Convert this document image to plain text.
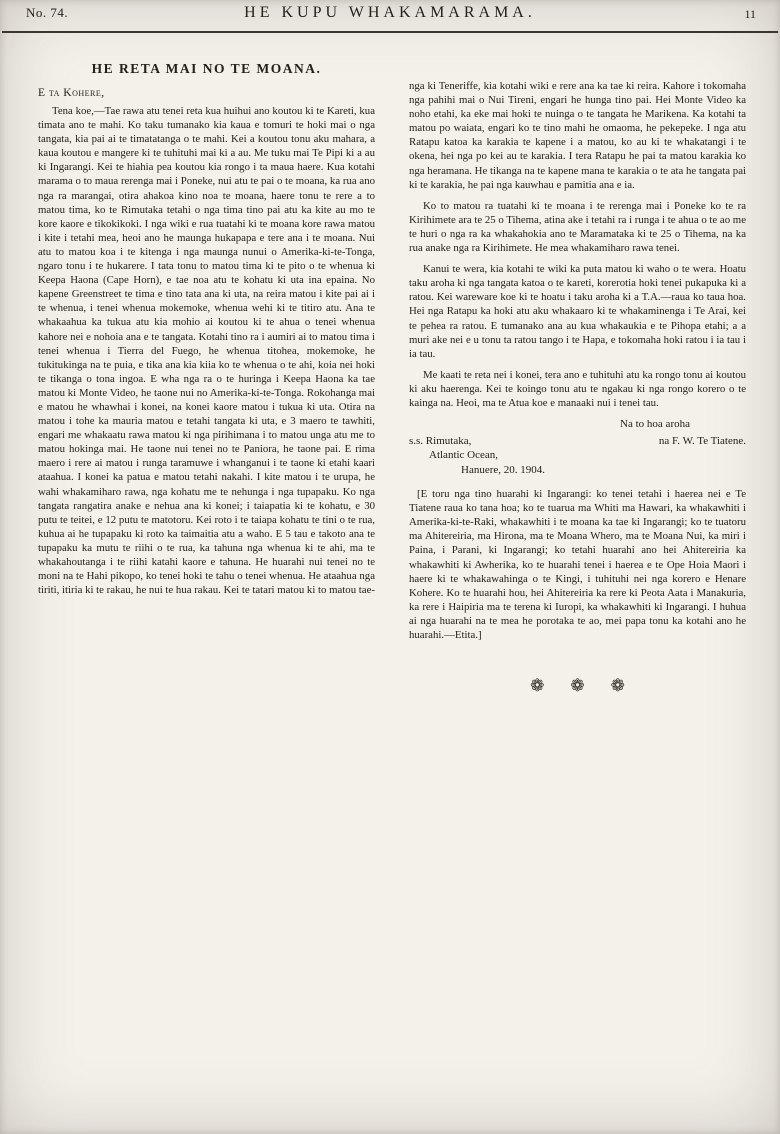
No. 74.	HE KUPU WHAKAMARAMA.	11
HE RETA MAI NO TE MOANA.

E ta Kohere,

Tena koe,—Tae rawa atu tenei reta kua huihui ano koutou ki te Kareti, kua timata ano te mahi. Ko taku tumanako kia kaua e tomuri te hoki mai o nga tangata, kia pai ai te timatatanga o te mahi. Kei a koutou tonu aku mahara, a kaua koutou e mangere ki te tuhituhi mai ki a au. Me tuku mai Te Pipi ki a au ki Ingarangi. Kei te hiahia pea koutou kia rongo i ta maua haere. Kua kotahi marama o to maua rerenga mai i Poneke, nui atu te pai o te moana, ka rua ano nga ra marangai, otira ahakoa kino noa te moana, haere tonu te rere a to matou tima, ko te Rimutaka tetahi o nga tima tino pai atu ka kite au mo te kore kaore e tikokikoki. I nga wiki e rua tuatahi ki te moana kore rawa matou i kite i tetahi mea, heoi ano he maunga hukapapa e tere ana i te moana. Nui atu to matou koa i te kitenga i nga maunga nunui o Amerika-ki-te-Tonga, ngaro tonu i te hukarere. I tata tonu to matou tima ki te pito o te whenua ki Keepa Haona (Cape Horn), e tae noa atu te kohatu ki uta ina epaina. No kapene Greenstreet te tima e tino tata ana ki uta, na reira matou i kite pai ai i te whenua, i tenei whenua mokemoke, whenua wehi ki te titiro atu. Ana te whakaahua ka tukua atu kia mohio ai koutou ki te ahua o tenei whenua kahore nei e nohoia ana e te tangata. Kotahi tino ra i aumiri ai to matou tima i tenei whenua i Tierra del Fuego, he whenua titohea, mokemoke, he tukitukinga na te puia, e tika ana kia kiia ko te whenua o te ahi, koia nei hoki te tikanga o tona ingoa. E wha nga ra o te huringa i Keepa Haona ka tae matou ki Monte Video, he taone nui no Amerika-ki-te-Tonga. Rokohanga mai e matou he whawhai i konei, na konei kaore matou i tukua ki uta. Otira na matou i tohe ka mauria matou e tetahi tangata ki uta, e 3 maero te tawhiti, engari me whakaatu rawa matou ki nga pirihimana i to matou unga atu me to matou hokinga mai. He taone nui tenei no te Paniora, he taone pai. E rima maero i rere ai matou i runga taramuwe i whanganui i te taone ki etahi kaari ataahua. I konei ka patua e matou tetahi nakahi. I kite matou i te urupa, he wahi whakamiharo rawa, nga kohatu me te nehunga i nga tupapaku. Ko nga tangata rangatira anake e nehua ana ki konei; i taiapatia ki te kohatu, e 30 putu te teitei, e 12 putu te matotoru. Kei roto i te taiapa kohatu te tini o te rua, kuhua ai he tupapaku ki roto ka taimaitia atu a waho. E 5 tau e takoto ana te tupapaku ka mutu te riihi o te rua, ka tahuna nga whenua ki te ahi, ma te whakahoutanga i te riihi katahi kaore e tahuna. He huarahi nui tenei no te moni na te Hahi pikopo, ko tenei hoki te tahu o tenei whenua. He ataahua nga tiriti, itiria ki te rakau, he nui te hua rakau. Kei te tatari matou ki to matou tae-

nga ki Teneriffe, kia kotahi wiki e rere ana ka tae ki reira. Kahore i tokomaha nga pahihi mai o Nui Tireni, engari he hunga tino pai. Hei Monte Video ka noho etahi, ka eke mai hoki te nuinga o te tangata he Marikena. Ka kotahi ta matou po waiata, engari ko te tino mahi he omaoma, he pekepeke. I nga atu Ratapu katoa ka karakia te kapene i a matou, ko au ki te whakatangi i te okena, hei nga po kei au te karakia. I tera Ratapu he pai ta matou karakia ko nga heramana. He tikanga na te kapene mana te karakia o te ata he tangata pai ki te karakia, he pai nga kauwhau e pamitia ana e ia.

Ko to matou ra tuatahi ki te moana i te rerenga mai i Poneke ko te ra Kirihimete ara te 25 o Tihema, atina ake i tetahi ra i runga i te ahua o te ao me te huri o nga ra ka whakahokia ano te Maramataka ki te 25 o Tihema, na ka rua anake nga ra Kirihimete. He mea whakamiharo rawa tenei.

Kanui te wera, kia kotahi te wiki ka puta matou ki waho o te wera. Hoatu taku aroha ki nga tangata katoa o te kareti, korerotia hoki tenei pukapuka ki a ratou. Kei wareware koe ki te hoatu i taku aroha ki a T.A.—raua ko taua hoa. Hei nga Ratapu ka hoki atu aku whakaaro ki te whakaminenga i Te Arai, kei te pehea ra ratou. E tumanako ana au kua whakaukia e te Pihopa etahi; a a muri ake nei e u tonu ta ratou tango i te Hapa, e tokomaha hoki ratou i ia tau i ia tau.

Me kaati te reta nei i konei, tera ano e tuhituhi atu ka rongo tonu ai koutou ki aku haerenga. Kei te koingo tonu atu te ngakau ki nga rongo korero o te kainga na. Heoi, ma te Atua koe e manaaki nui i tenei tau.

Na to hoa aroha

s.s. Rimutaka,	na F. W. Te Tiatene.

Atlantic Ocean,

Hanuere, 20. 1904.

[E toru nga tino huarahi ki Ingarangi: ko tenei tetahi i haerea nei e Te Tiatene raua ko tana hoa; ko te tuarua ma Whiti ma Hawari, ka whakawhiti i Amerika-ki-te-Raki, whakawhiti i te moana ka tae ki Ingarangi; ko te tuatoru ma Ahitereiria, ma Hirona, ma te Moana Whero, ma te Moana Nui, ka miri i Paina, i Parani, ki Ingarangi; ko tetahi huarahi ano hei Ahitereiria ka whakawhiti ki Awherika, ko te huarahi tenei i haerea e te Ope Hoia Maori i haere ki te whakawahinga o te Kingi, i tuhituhi nei nga korero e Henare Kohere. Ko te huarahi hou, hei Ahitereiria ka rere ki Peota Aata i Manakuria, ka rere i Haipiria ma te terena ki Iuropi, ka whakawhiti ki Ingarangi. I huhua ai nga huarahi na te mea he porotaka te ao, mei papa tonu ka kotahi ano he huarahi.—Etita.]

❁ ❁ ❁
